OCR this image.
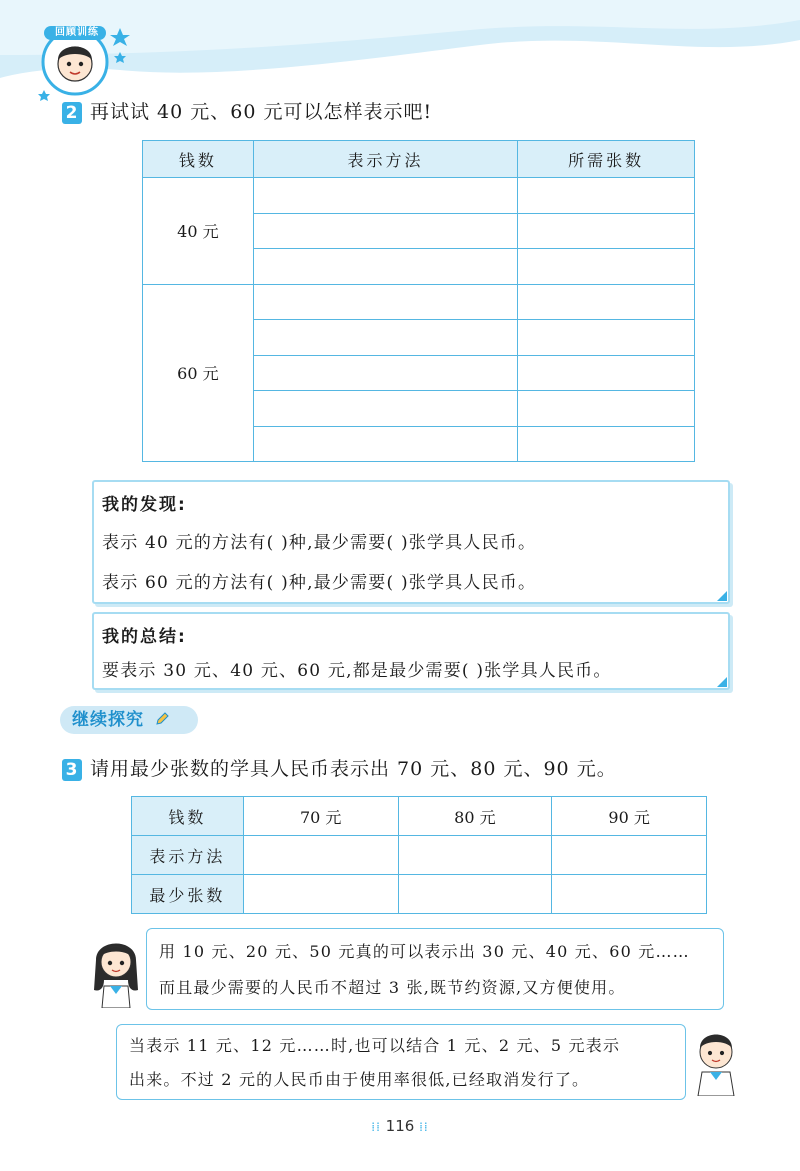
回顾训练
2 再试试 40 元、60 元可以怎样表示吧!
钱数	表示方法	所需张数
40 元		

60 元		

我的发现:
表示 40 元的方法有( )种,最少需要( )张学具人民币。
表示 60 元的方法有( )种,最少需要( )张学具人民币。
我的总结:
要表示 30 元、40 元、60 元,都是最少需要( )张学具人民币。
继续探究
3 请用最少张数的学具人民币表示出 70 元、80 元、90 元。
钱数	70 元	80 元	90 元
表示方法			
最少张数			
用 10 元、20 元、50 元真的可以表示出 30 元、40 元、60 元……
而且最少需要的人民币不超过 3 张,既节约资源,又方便使用。
当表示 11 元、12 元……时,也可以结合 1 元、2 元、5 元表示
出来。不过 2 元的人民币由于使用率很低,已经取消发行了。
⁞⁞ 116 ⁞⁞
